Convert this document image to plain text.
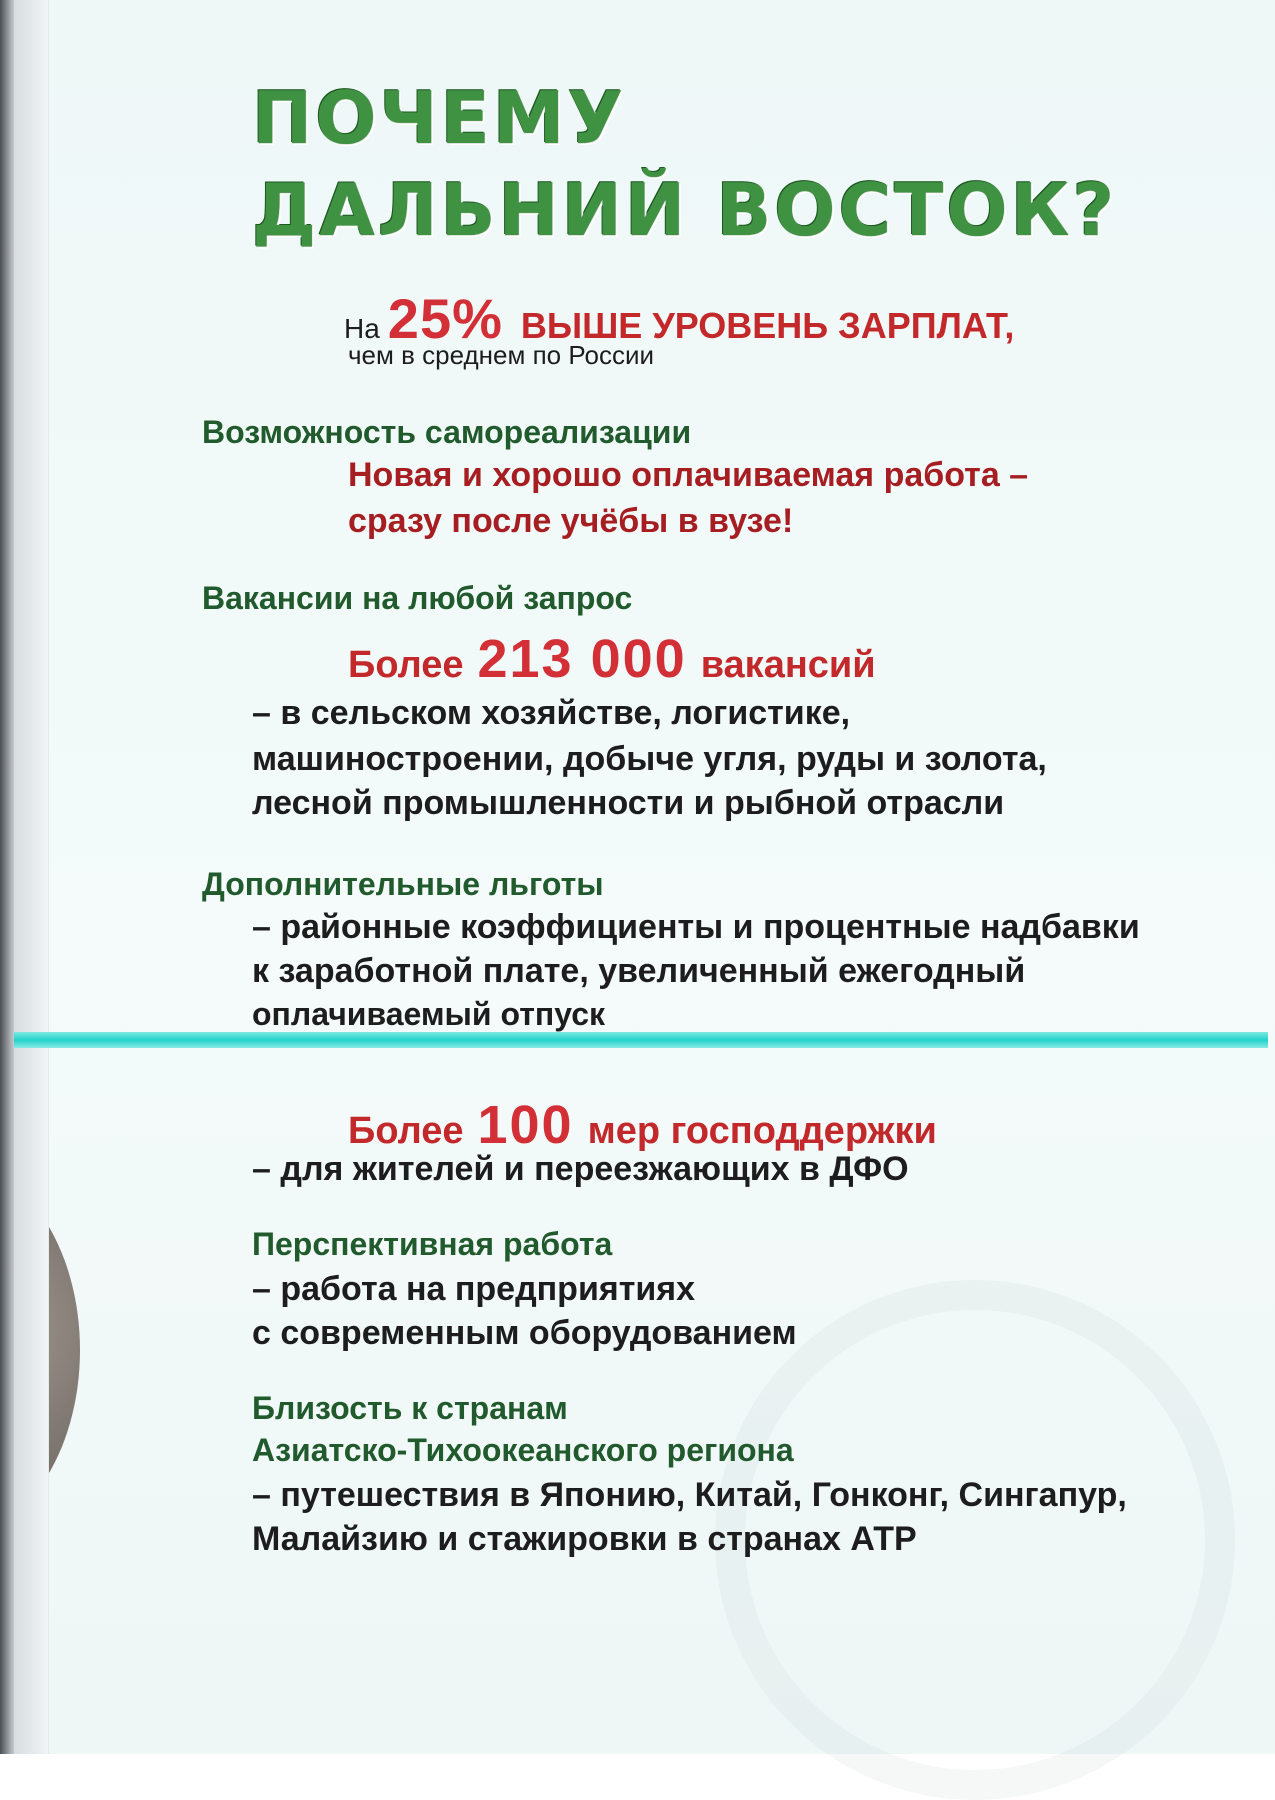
ПОЧЕМУ
ДАЛЬНИЙ ВОСТОК?

На 25% ВЫШЕ УРОВЕНЬ ЗАРПЛАТ,

чем в среднем по России

Возможность самореализации

Новая и хорошо оплачиваемая работа –

сразу после учёбы в вузе!

Вакансии на любой запрос

Более 213 000 вакансий

– в сельском хозяйстве, логистике,

машиностроении, добыче угля, руды и золота,

лесной промышленности и рыбной отрасли

Дополнительные льготы

– районные коэффициенты и процентные надбавки

к заработной плате, увеличенный ежегодный

оплачиваемый отпуск

Более 100 мер господдержки

– для жителей и переезжающих в ДФО

Перспективная работа

– работа на предприятиях

с современным оборудованием

Близость к странам

Азиатско-Тихоокеанского региона

– путешествия в Японию, Китай, Гонконг, Сингапур,

Малайзию и стажировки в странах АТР
